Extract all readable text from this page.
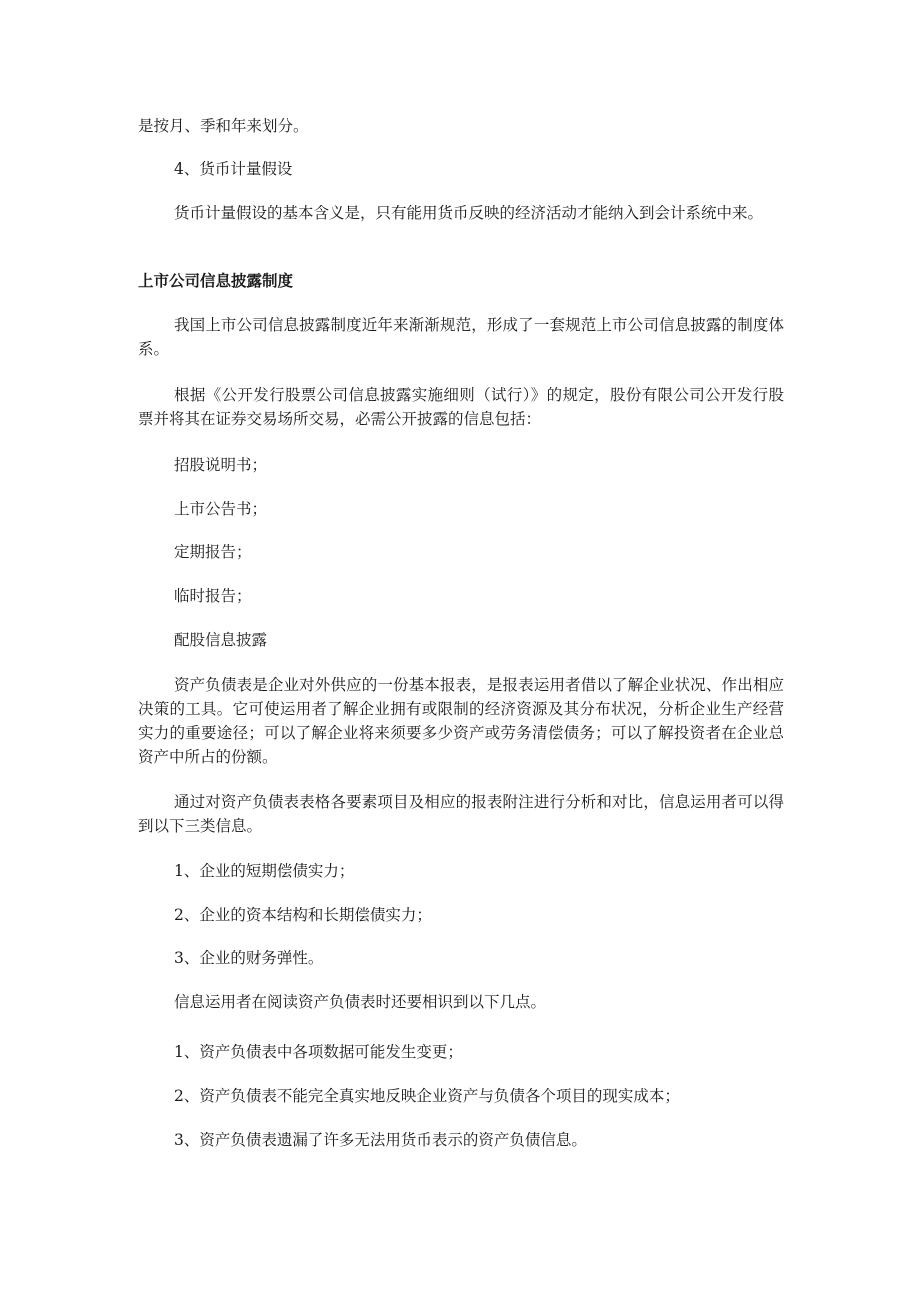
是按月、季和年来划分。

4、货币计量假设

货币计量假设的基本含义是，只有能用货币反映的经济活动才能纳入到会计系统中来。

上市公司信息披露制度

我国上市公司信息披露制度近年来渐渐规范，形成了一套规范上市公司信息披露的制度体系。

根据《公开发行股票公司信息披露实施细则（试行）》的规定，股份有限公司公开发行股票并将其在证券交易场所交易，必需公开披露的信息包括：

招股说明书；

上市公告书；

定期报告；

临时报告；

配股信息披露

资产负债表是企业对外供应的一份基本报表，是报表运用者借以了解企业状况、作出相应决策的工具。它可使运用者了解企业拥有或限制的经济资源及其分布状况，分析企业生产经营实力的重要途径；可以了解企业将来须要多少资产或劳务清偿债务；可以了解投资者在企业总资产中所占的份额。

通过对资产负债表表格各要素项目及相应的报表附注进行分析和对比，信息运用者可以得到以下三类信息。

1、企业的短期偿债实力；

2、企业的资本结构和长期偿债实力；

3、企业的财务弹性。

信息运用者在阅读资产负债表时还要相识到以下几点。

1、资产负债表中各项数据可能发生变更；

2、资产负债表不能完全真实地反映企业资产与负债各个项目的现实成本；

3、资产负债表遗漏了许多无法用货币表示的资产负债信息。
